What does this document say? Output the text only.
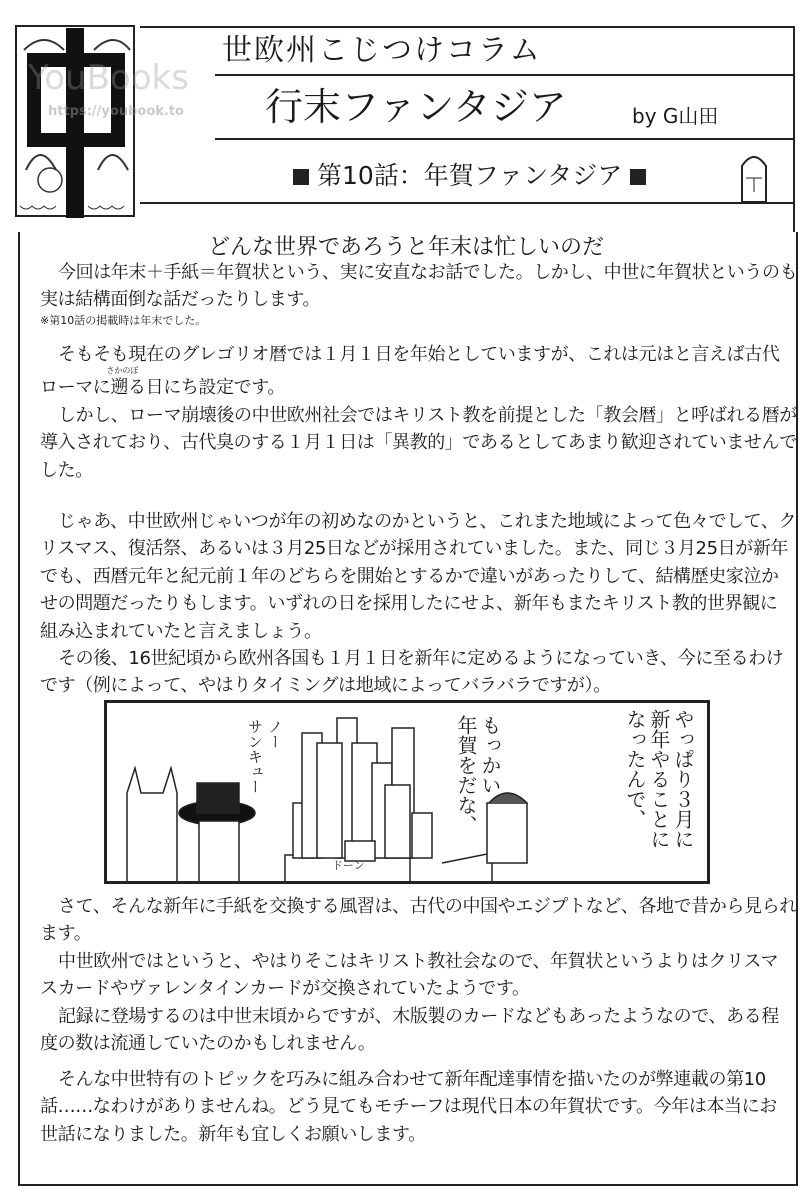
YouBooks
https://youbook.to
世欧州こじつけコラム
行末ファンタジア	by G山田
第10話：年賀ファンタジア
どんな世界であろうと年末は忙しいのだ
今回は年末＋手紙＝年賀状という、実に安直なお話でした。しかし、中世に年賀状というのも
実は結構面倒な話だったりします。
※第10話の掲載時は年末でした。
そもそも現在のグレゴリオ暦では１月１日を年始としていますが、これは元はと言えば古代
ローマに
さかのぼ
遡る日にち設定です。
しかし、ローマ崩壊後の中世欧州社会ではキリスト教を前提とした「教会暦」と呼ばれる暦が
導入されており、古代臭のする１月１日は「異教的」であるとしてあまり歓迎されていませんで
した。
じゃあ、中世欧州じゃいつが年の初めなのかというと、これまた地域によって色々でして、ク
リスマス、復活祭、あるいは３月25日などが採用されていました。また、同じ３月25日が新年
でも、西暦元年と紀元前１年のどちらを開始とするかで違いがあったりして、結構歴史家泣か
せの問題だったりもします。いずれの日を採用したにせよ、新年もまたキリスト教的世界観に
組み込まれていたと言えましょう。
その後、16世紀頃から欧州各国も１月１日を新年に定めるようになっていき、今に至るわけ
です（例によって、やはりタイミングは地域によってバラバラですが）。
やっぱり３月に
新年やることに
なったんで、
もっかい
年賀をだな、
ノー
サンキュー
ドーン
さて、そんな新年に手紙を交換する風習は、古代の中国やエジプトなど、各地で昔から見られ
ます。
中世欧州ではというと、やはりそこはキリスト教社会なので、年賀状というよりはクリスマ
スカードやヴァレンタインカードが交換されていたようです。
記録に登場するのは中世末頃からですが、木版製のカードなどもあったようなので、ある程
度の数は流通していたのかもしれません。
そんな中世特有のトピックを巧みに組み合わせて新年配達事情を描いたのが弊連載の第10
話……なわけがありませんね。どう見てもモチーフは現代日本の年賀状です。今年は本当にお
世話になりました。新年も宜しくお願いします。
